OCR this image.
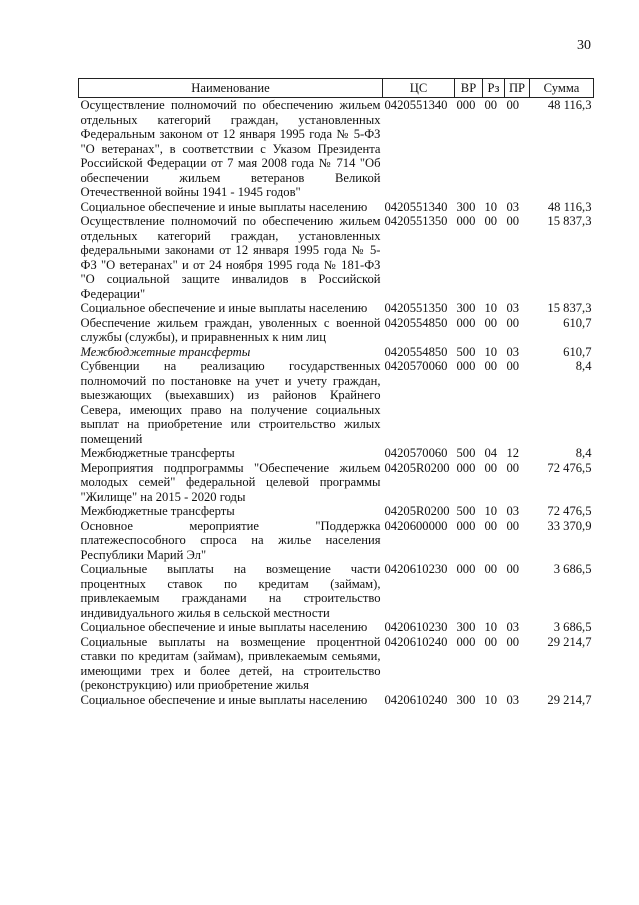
30
Наименование	ЦС	ВР	Рз	ПР	Сумма
Осуществление полномочий по обеспечению жильем отдельных категорий граждан, установленных Федеральным законом от 12 января 1995 года № 5-ФЗ "О ветеранах", в соответствии с Указом Президента Российской Федерации от 7 мая 2008 года № 714 "Об обеспечении жильем ветеранов Великой Отечественной войны 1941 - 1945 годов"	0420551340	000	00	00	48 116,3
Социальное обеспечение и иные выплаты населению	0420551340	300	10	03	48 116,3
Осуществление полномочий по обеспечению жильем отдельных категорий граждан, установленных федеральными законами от 12 января 1995 года № 5-ФЗ "О ветеранах" и от 24 ноября 1995 года № 181-ФЗ "О социальной защите инвалидов в Российской Федерации"	0420551350	000	00	00	15 837,3
Социальное обеспечение и иные выплаты населению	0420551350	300	10	03	15 837,3
Обеспечение жильем граждан, уволенных с военной службы (службы), и приравненных к ним лиц	0420554850	000	00	00	610,7
Межбюджетные трансферты	0420554850	500	10	03	610,7
Субвенции на реализацию государственных полномочий по постановке на учет и учету граждан, выезжающих (выехавших) из районов Крайнего Севера, имеющих право на получение социальных выплат на приобретение или строительство жилых помещений	0420570060	000	00	00	8,4
Межбюджетные трансферты	0420570060	500	04	12	8,4
Мероприятия подпрограммы "Обеспечение жильем молодых семей" федеральной целевой программы "Жилище" на 2015 - 2020 годы	04205R0200	000	00	00	72 476,5
Межбюджетные трансферты	04205R0200	500	10	03	72 476,5
Основное мероприятие "Поддержка платежеспособного спроса на жилье населения Республики Марий Эл"	0420600000	000	00	00	33 370,9
Социальные выплаты на возмещение части процентных ставок по кредитам (займам), привлекаемым гражданами на строительство индивидуального жилья в сельской местности	0420610230	000	00	00	3 686,5
Социальное обеспечение и иные выплаты населению	0420610230	300	10	03	3 686,5
Социальные выплаты на возмещение процентной ставки по кредитам (займам), привлекаемым семьями, имеющими трех и более детей, на строительство (реконструкцию) или приобретение жилья	0420610240	000	00	00	29 214,7
Социальное обеспечение и иные выплаты населению	0420610240	300	10	03	29 214,7
